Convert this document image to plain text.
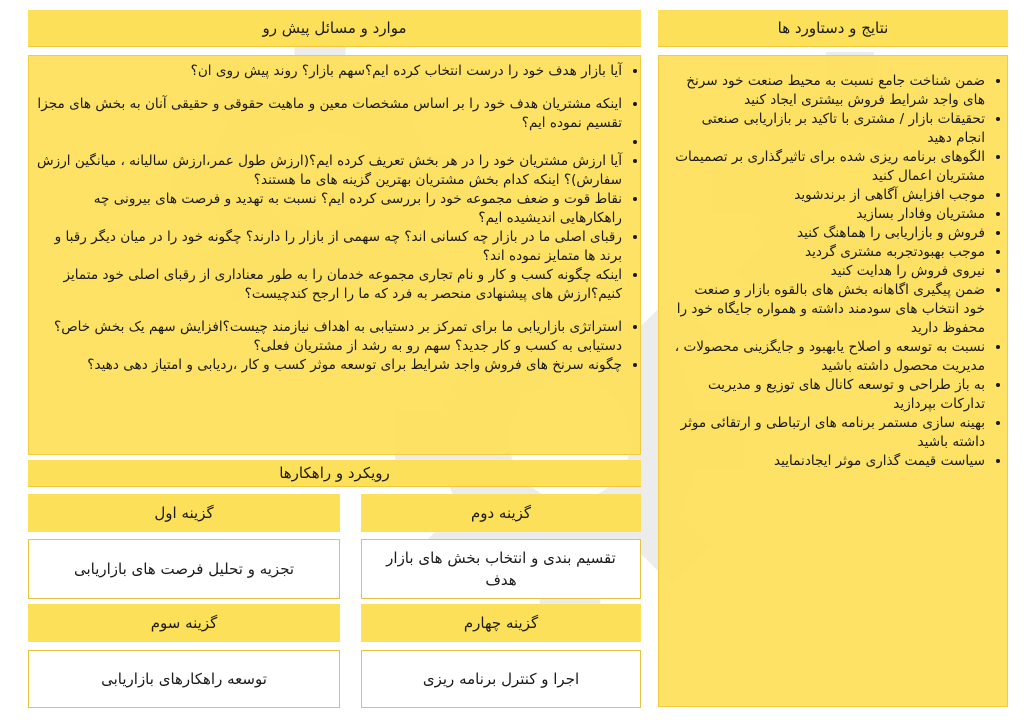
نتایج و دستاورد ها
• ضمن شناخت جامع نسبت به محیط صنعت خود سرنخ های واجد شرایط فروش بیشتری ایجاد کنید
• تحقیقات بازار / مشتری با تاکید بر بازاریابی صنعتی انجام دهید
• الگوهای برنامه ریزی شده برای تاثیرگذاری بر تصمیمات مشتریان اعمال کنید
• موجب افزایش آگاهی از برندشوید
• مشتریان وفادار بسازید
• فروش و بازاریابی را هماهنگ کنید
• موجب بهبودتجربه مشتری گردید
• نیروی فروش را هدایت کنید
• ضمن پیگیری اگاهانه بخش های بالقوه بازار و صنعت خود انتخاب های سودمند داشته و همواره جایگاه خود را محفوظ دارید
• نسبت به توسعه و اصلاح یابهبود و جایگزینی محصولات ، مدیریت محصول داشته باشید
• به باز طراحی و توسعه کانال های توزیع و مدیریت تدارکات بپردازید
• بهینه سازی مستمر برنامه های ارتباطی و ارتقائی موثر داشته باشید
• سیاست قیمت گذاری موثر ایجادنمایید
موارد و مسائل پیش رو
• آیا بازار هدف خود را درست انتخاب کرده ایم؟سهم بازار؟ روند پیش روی ان؟
• اینکه مشتریان هدف خود را بر اساس مشخصات معین و ماهیت حقوقی و حقیقی آنان به بخش های مجزا تقسیم نموده ایم؟
•
• آیا ارزش مشتریان خود را در هر بخش تعریف کرده ایم؟(ارزش طول عمر،ارزش سالیانه ، میانگین ارزش سفارش)؟ اینکه کدام بخش مشتریان بهترین گزینه های ما هستند؟
• نقاط قوت و ضعف مجموعه خود را بررسی کرده ایم؟ نسبت به تهدید و فرصت های بیرونی چه راهکارهایی اندیشیده ایم؟
• رقبای اصلی ما در بازار چه کسانی اند؟ چه سهمی از بازار را دارند؟ چگونه خود را در میان دیگر رقبا و برند ها متمایز نموده اند؟
• اینکه چگونه کسب و کار و نام تجاری مجموعه خدمان را به طور معناداری از رقبای اصلی خود متمایز کنیم؟ارزش های پیشنهادی منحصر به فرد که ما را ارجح کندچیست؟
• استراتژی بازاریابی ما برای تمرکز بر دستیابی به اهداف نیازمند چیست؟افزایش سهم یک بخش خاص؟ دستیابی به کسب و کار جدید؟ سهم رو به رشد از مشتریان فعلی؟
• چگونه سرنخ های فروش واجد شرایط برای توسعه موثر کسب و کار ،ردیابی و امتیاز دهی دهید؟
رویکرد و راهکارها
گزینه اول
تجزیه و تحلیل فرصت های بازاریابی
گزینه دوم
تقسیم بندی و انتخاب بخش های بازار هدف
گزینه سوم
توسعه راهکارهای بازاریابی
گزینه چهارم
اجرا و کنترل برنامه ریزی
